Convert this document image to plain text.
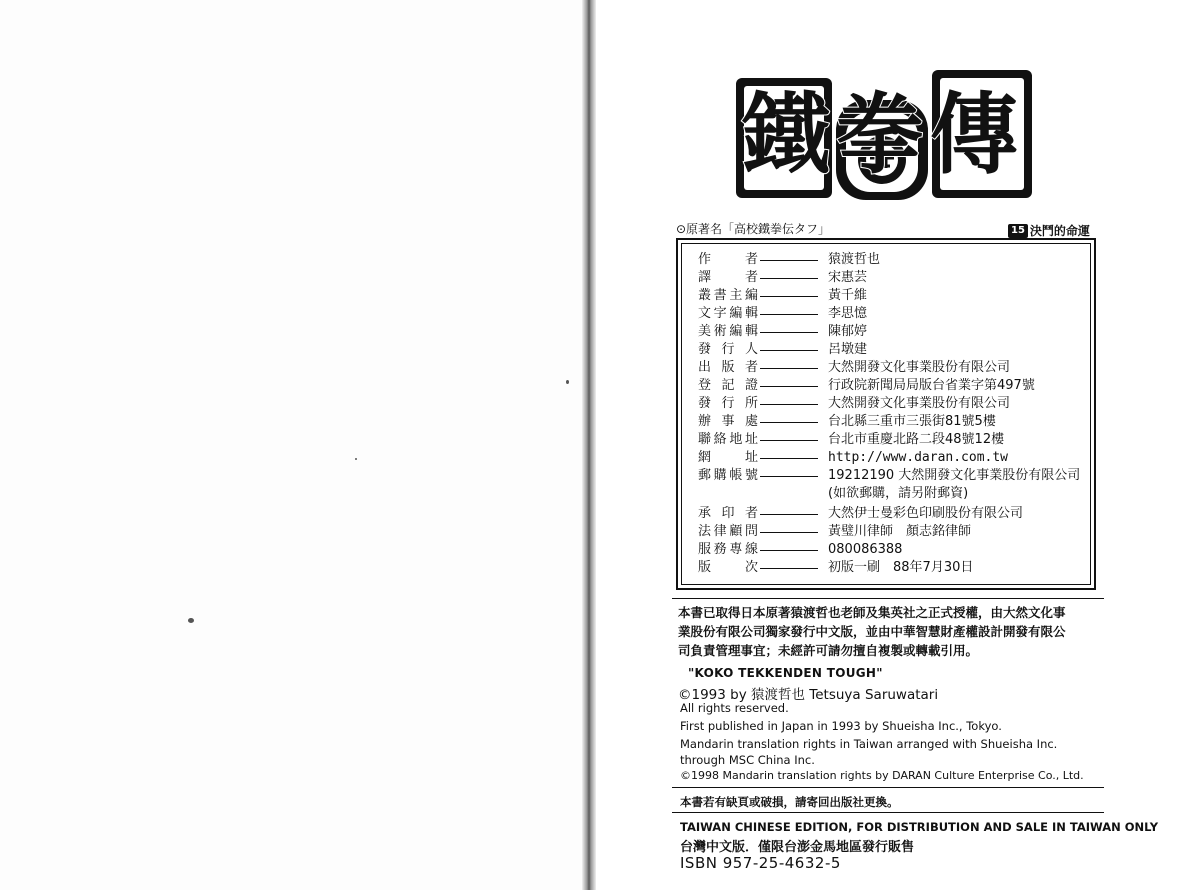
鐵拳傳
⊙原著名「高校鐵拳伝タフ」	15 決鬥的命運
作　　者	猿渡哲也
譯　　者	宋惠芸
叢書主編	黃千維
文字編輯	李思憶
美術編輯	陳郁婷
發 行 人	呂墩建
出 版 者	大然開發文化事業股份有限公司
登 記 證	行政院新聞局局版台省業字第497號
發 行 所	大然開發文化事業股份有限公司
辦 事 處	台北縣三重市三張街81號5樓
聯絡地址	台北市重慶北路二段48號12樓
網　　址	http://www.daran.com.tw
郵購帳號	19212190 大然開發文化事業股份有限公司
(如欲郵購，請另附郵資)
承 印 者	大然伊士曼彩色印刷股份有限公司
法律顧問	黃璧川律師　顏志銘律師
服務專線	080086388
版　　次	初版一刷　88年7月30日
本書已取得日本原著猿渡哲也老師及集英社之正式授權，由大然文化事
業股份有限公司獨家發行中文版，並由中華智慧財產權設計開發有限公
司負責管理事宜；未經許可請勿擅自複製或轉載引用。
"KOKO TEKKENDEN TOUGH"
©1993 by 猿渡哲也 Tetsuya Saruwatari
All rights reserved.
First published in Japan in 1993 by Shueisha Inc., Tokyo.
Mandarin translation rights in Taiwan arranged with Shueisha Inc.
through MSC China Inc.
©1998 Mandarin translation rights by DARAN Culture Enterprise Co., Ltd.
本書若有缺頁或破損，請寄回出版社更換。
TAIWAN CHINESE EDITION, FOR DISTRIBUTION AND SALE IN TAIWAN ONLY
台灣中文版．僅限台澎金馬地區發行販售
ISBN 957-25-4632-5
